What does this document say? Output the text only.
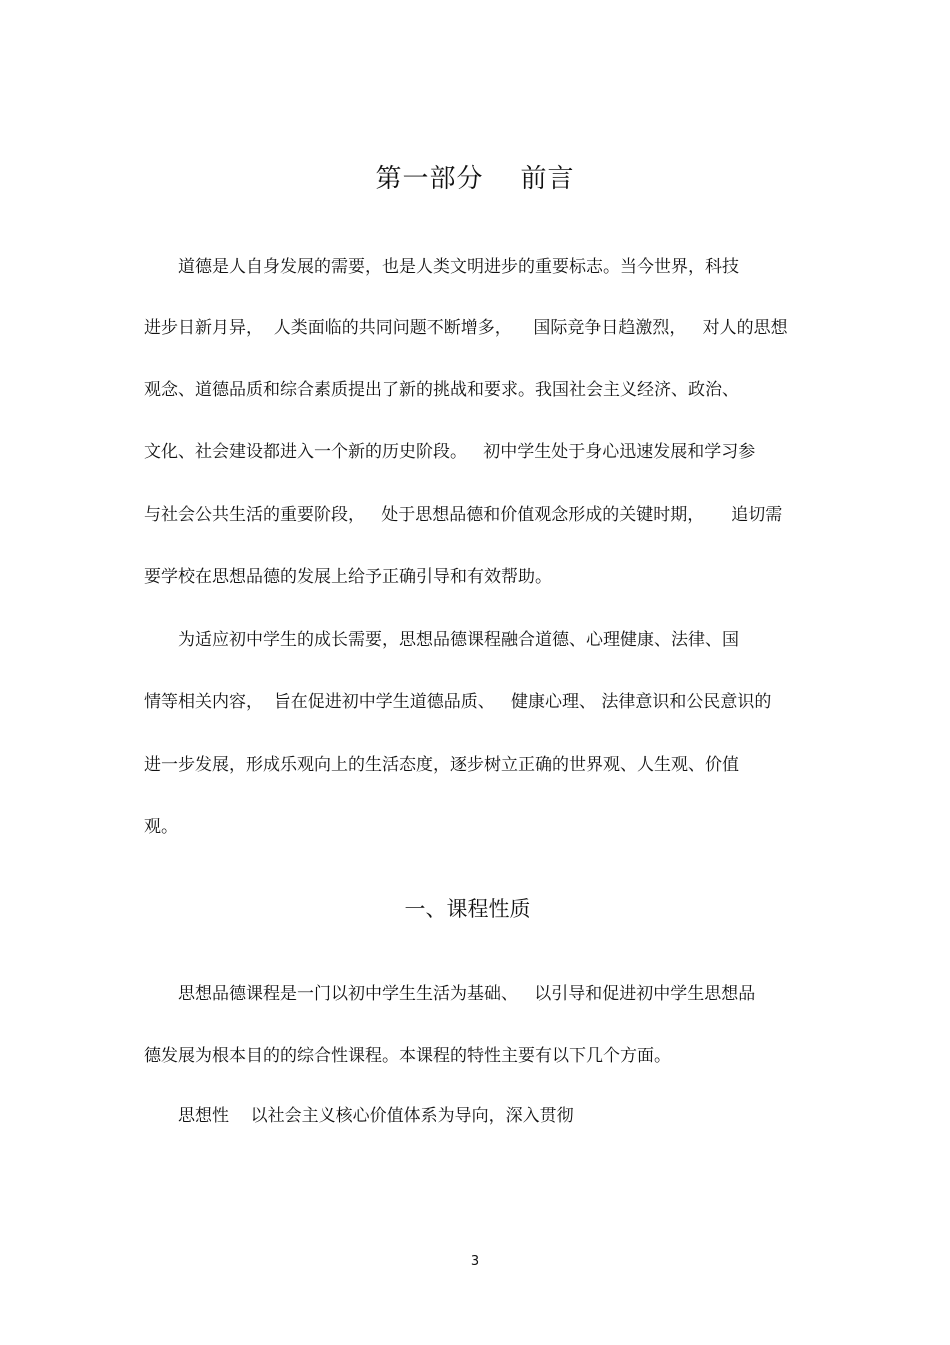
第一部分    前言
道德是人自身发展的需要，也是人类文明进步的重要标志。当今世界，科技
进步日新月异，  人类面临的共同问题不断增多，    国际竞争日趋激烈，   对人的思想
观念、道德品质和综合素质提出了新的挑战和要求。我国社会主义经济、政治、
文化、社会建设都进入一个新的历史阶段。   初中学生处于身心迅速发展和学习参
与社会公共生活的重要阶段，   处于思想品德和价值观念形成的关键时期，     追切需
要学校在思想品德的发展上给予正确引导和有效帮助。
为适应初中学生的成长需要，思想品德课程融合道德、心理健康、法律、国
情等相关内容，  旨在促进初中学生道德品质、   健康心理、 法律意识和公民意识的
进一步发展，形成乐观向上的生活态度，逐步树立正确的世界观、人生观、价值
观。
一、课程性质
思想品德课程是一门以初中学生生活为基础、   以引导和促进初中学生思想品
德发展为根本目的的综合性课程。本课程的特性主要有以下几个方面。
思想性    以社会主义核心价值体系为导向，深入贯彻
3
